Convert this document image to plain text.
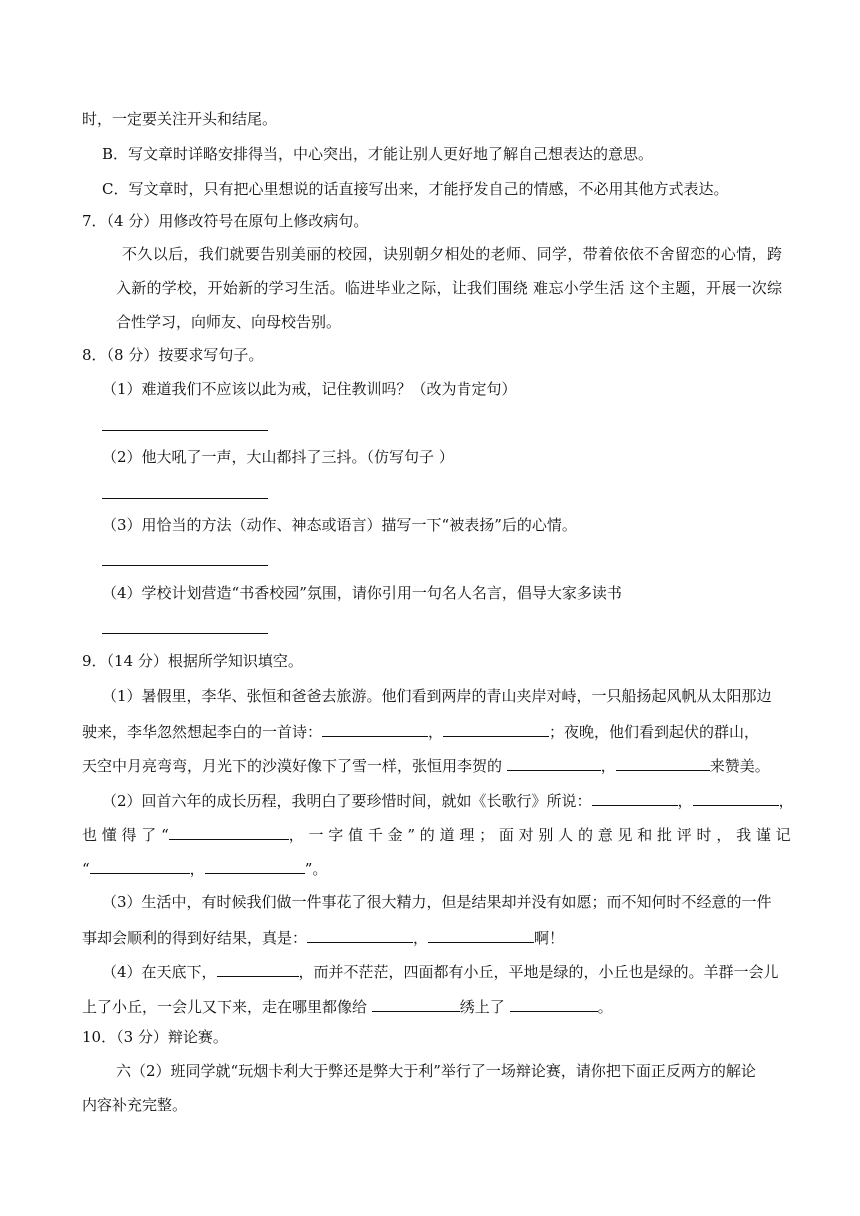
时，一定要关注开头和结尾。
B．写文章时详略安排得当，中心突出，才能让别人更好地了解自己想表达的意思。
C．写文章时，只有把心里想说的话直接写出来，才能抒发自己的情感，不必用其他方式表达。
7．（4 分）用修改符号在原句上修改病句。
不久以后，我们就要告别美丽的校园，诀别朝夕相处的老师、同学，带着依依不舍留恋的心情，跨
入新的学校，开始新的学习生活。临进毕业之际，让我们围绕 难忘小学生活 这个主题，开展一次综
合性学习，向师友、向母校告别。
8．（8 分）按要求写句子。
（1）难道我们不应该以此为戒，记住教训吗？（改为肯定句）
（2）他大吼了一声，大山都抖了三抖。（仿写句子 ）
（3）用恰当的方法（动作、神态或语言）描写一下“被表扬”后的心情。
（4）学校计划营造“书香校园”氛围，请你引用一句名人名言，倡导大家多读书
9．（14 分）根据所学知识填空。
（1）暑假里，李华、张恒和爸爸去旅游。他们看到两岸的青山夹岸对峙，一只船扬起风帆从太阳那边
驶来，李华忽然想起李白的一首诗：	，	；夜晚，他们看到起伏的群山，
天空中月亮弯弯，月光下的沙漠好像下了雪一样，张恒用李贺的	，	来赞美。
（2）回首六年的成长历程，我明白了要珍惜时间，就如《长歌行》所说：	，	，
也 懂 得 了 “	， 一 字 值 千 金 ” 的 道 理 ； 面 对 别 人 的 意 见 和 批 评 时 ， 我 谨 记
“	，	”。
（3）生活中，有时候我们做一件事花了很大精力，但是结果却并没有如愿；而不知何时不经意的一件
事却会顺利的得到好结果，真是：	，	啊！
（4）在天底下，	，而并不茫茫，四面都有小丘，平地是绿的，小丘也是绿的。羊群一会儿
上了小丘，一会儿又下来，走在哪里都像给	绣上了	。
10．（3 分）辩论赛。
六（2）班同学就“玩烟卡利大于弊还是弊大于利”举行了一场辩论赛，请你把下面正反两方的解论
内容补充完整。
